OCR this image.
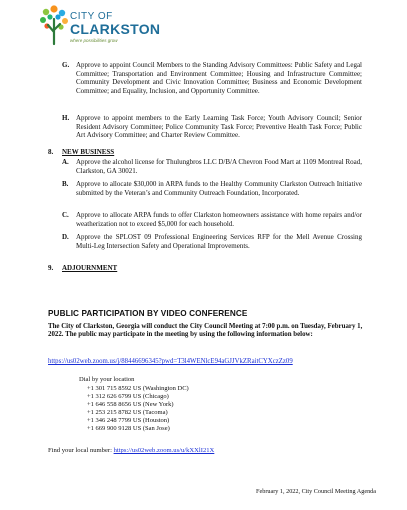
CITY OF
CLARKSTON
where possibilities grow
G. Approve to appoint Council Members to the Standing Advisory Committees: Public Safety and Legal Committee; Transportation and Environment Committee; Housing and Infrastructure Committee; Community Development and Civic Innovation Committee; Business and Economic Development Committee; and Equality, Inclusion, and Opportunity Committee.
H. Approve to appoint members to the Early Learning Task Force; Youth Advisory Council; Senior Resident Advisory Committee; Police Community Task Force; Preventive Health Task Force; Public Art Advisory Committee; and Charter Review Committee.
8. NEW BUSINESS
A. Approve the alcohol license for Thulungbros LLC D/B/A Chevron Food Mart at 1109 Montreal Road, Clarkston, GA 30021.
B. Approve to allocate $30,000 in ARPA funds to the Healthy Community Clarkston Outreach Initiative submitted by the Veteran’s and Community Outreach Foundation, Incorporated.
C. Approve to allocate ARPA funds to offer Clarkston homeowners assistance with home repairs and/or weatherization not to exceed $5,000 for each household.
D. Approve the SPLOST 09 Professional Engineering Services RFP for the Mell Avenue Crossing Multi-Leg Intersection Safety and Operational Improvements.
9. ADJOURNMENT
PUBLIC PARTICIPATION BY VIDEO CONFERENCE
The City of Clarkston, Georgia will conduct the City Council Meeting at 7:00 p.m. on Tuesday, February 1, 2022. The public may participate in the meeting by using the following information below:
https://us02web.zoom.us/j/88446696345?pwd=T3l4WENlcE94aGJJVkZRaitCYXczZz09
Dial by your location
+1 301 715 8592 US (Washington DC)
+1 312 626 6799 US (Chicago)
+1 646 558 8656 US (New York)
+1 253 215 8782 US (Tacoma)
+1 346 248 7799 US (Houston)
+1 669 900 9128 US (San Jose)
Find your local number: https://us02web.zoom.us/u/kXXlI21X
February 1, 2022, City Council Meeting Agenda
